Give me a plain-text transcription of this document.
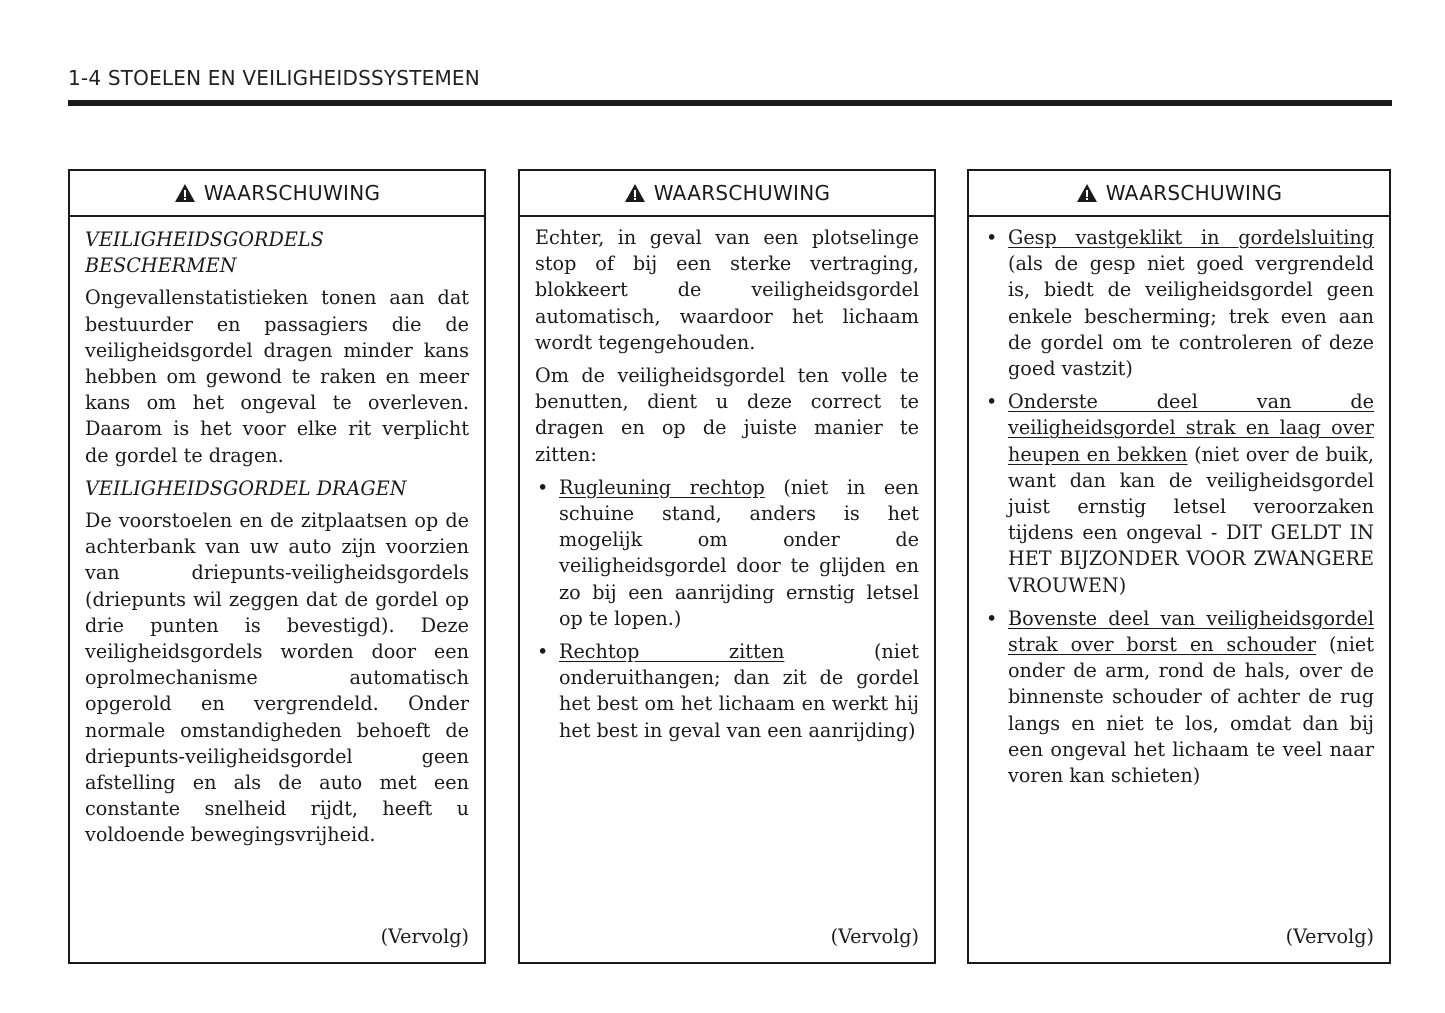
1-4 STOELEN EN VEILIGHEIDSSYSTEMEN
WAARSCHUWING
VEILIGHEIDSGORDELS BESCHERMEN

Ongevallenstatistieken tonen aan dat bestuurder en passagiers die de veiligheidsgordel dragen minder kans hebben om gewond te raken en meer kans om het ongeval te overleven. Daarom is het voor elke rit verplicht de gordel te dragen.

VEILIGHEIDSGORDEL DRAGEN

De voorstoelen en de zitplaatsen op de achterbank van uw auto zijn voorzien van driepunts-veiligheidsgordels (driepunts wil zeggen dat de gordel op drie punten is bevestigd). Deze veiligheidsgordels worden door een oprolmechanisme automatisch opgerold en vergrendeld. Onder normale omstandigheden behoeft de driepunts-veiligheidsgordel geen afstelling en als de auto met een constante snelheid rijdt, heeft u voldoende bewegingsvrijheid.

(Vervolg)
WAARSCHUWING

Echter, in geval van een plotselinge stop of bij een sterke vertraging, blokkeert de veiligheidsgordel automatisch, waardoor het lichaam wordt tegengehouden.

Om de veiligheidsgordel ten volle te benutten, dient u deze correct te dragen en op de juiste manier te zitten:

• Rugleuning rechtop (niet in een schuine stand, anders is het mogelijk om onder de veiligheidsgordel door te glijden en zo bij een aanrijding ernstig letsel op te lopen.)
• Rechtop zitten (niet onderuithangen; dan zit de gordel het best om het lichaam en werkt hij het best in geval van een aanrijding)
(Vervolg)
WAARSCHUWING
• Gesp vastgeklikt in gordelsluiting (als de gesp niet goed vergrendeld is, biedt de veiligheidsgordel geen enkele bescherming; trek even aan de gordel om te controleren of deze goed vastzit)
• Onderste deel van de veiligheidsgordel strak en laag over heupen en bekken (niet over de buik, want dan kan de veiligheidsgordel juist ernstig letsel veroorzaken tijdens een ongeval - DIT GELDT IN HET BIJZONDER VOOR ZWANGERE VROUWEN)
• Bovenste deel van veiligheidsgordel strak over borst en schouder (niet onder de arm, rond de hals, over de binnenste schouder of achter de rug langs en niet te los, omdat dan bij een ongeval het lichaam te veel naar voren kan schieten)
(Vervolg)
